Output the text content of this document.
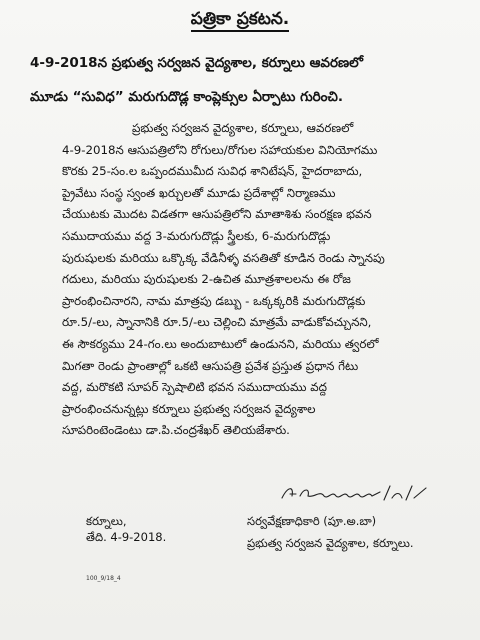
పత్రికా ప్రకటన.
4-9-2018న ప్రభుత్వ సర్వజన వైద్యశాల, కర్నూలు ఆవరణలో
మూడు “సువిధ” మరుగుదొడ్ల కాంప్లెక్సుల ఏర్పాటు గురించి.
ప్రభుత్వ సర్వజన వైద్యశాల, కర్నూలు, ఆవరణలో
4-9-2018న ఆసుపత్రిలోని రోగులు/రోగుల సహాయకుల వినియోగము
కొరకు 25-సం.ల ఒప్పందముమీద సువిధ శానిటేషన్, హైదరాబాదు,
ప్రైవేటు సంస్థ స్వంత ఖర్చులతో మూడు ప్రదేశాల్లో నిర్మాణము
చేయుటకు మొదట విడతగా ఆసుపత్రిలోని మాతాశిశు సంరక్షణ భవన
సముదాయము వద్ద 3-మరుగుదొడ్లు స్త్రీలకు, 6-మరుగుదొడ్లు
పురుషులకు మరియు ఒక్కొక్క వేడినీళ్ళ వసతితో కూడిన రెండు స్నానపు
గదులు, మరియు పురుషులకు 2-ఉచిత మూత్రశాలలను ఈ రోజ
ప్రారంభించినారని, నామ మాత్రపు డబ్బు - ఒక్కక్కరికి మరుగుదొడ్లకు
రూ.5/-లు, స్నానానికి రూ.5/-లు చెల్లించి మాత్రమే వాడుకోవచ్చునని,
ఈ సౌకర్యము 24-గం.లు అందుబాటులో ఉండునని, మరియు త్వరలో
మిగతా రెండు ప్రాంతాల్లో ఒకటి ఆసుపత్రి ప్రవేశ ప్రస్తుత ప్రధాన గేటు
వద్ద, మరొకటి సూపర్ స్పెషాలిటి భవన సముదాయము వద్ద
ప్రారంభించనున్నట్లు కర్నూలు ప్రభుత్వ సర్వజన వైద్యశాల
సూపరింటెండెంటు డా.పి.చంద్రశేఖర్ తెలియజేశారు.
కర్నూలు,	సర్వవేక్షణాధికారి (పూ.అ.బా)
ప్రభుత్వ సర్వజన వైద్యశాల, కర్నూలు.
తేది. 4-9-2018.
100_9/18_4
